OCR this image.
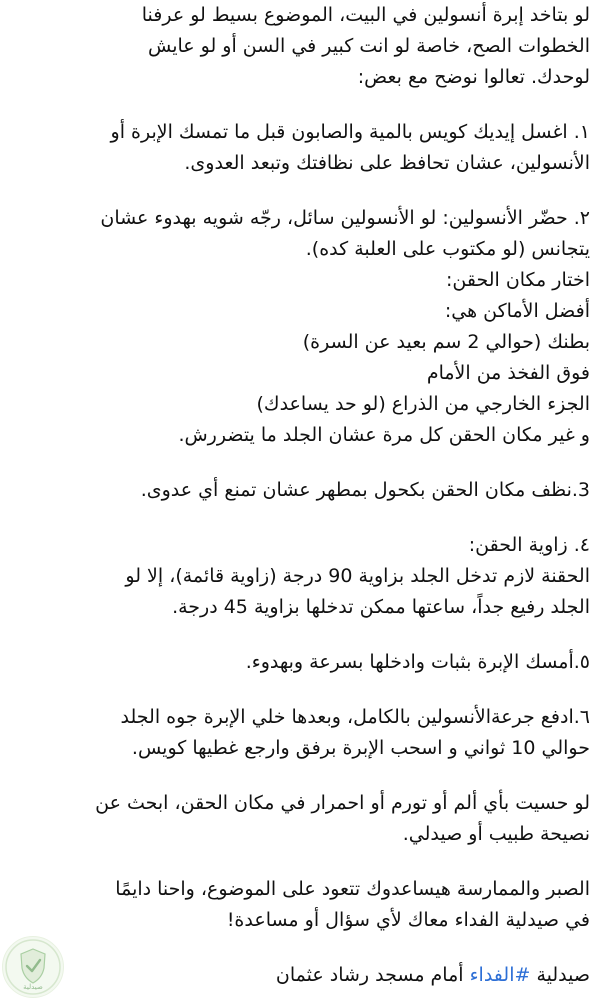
لو بتاخد إبرة أنسولين في البيت، الموضوع بسيط لو عرفنا
الخطوات الصح، خاصة لو انت كبير في السن أو لو عايش
لوحدك. تعالوا نوضح مع بعض:
١. اغسل إيديك كويس بالمية والصابون قبل ما تمسك الإبرة أو
الأنسولين، عشان تحافظ على نظافتك وتبعد العدوى.
٢. حضّر الأنسولين: لو الأنسولين سائل، رجّه شويه بهدوء عشان
يتجانس (لو مكتوب على العلبة كده).
اختار مكان الحقن:
أفضل الأماكن هي:
بطنك (حوالي 2 سم بعيد عن السرة)
فوق الفخذ من الأمام
الجزء الخارجي من الذراع (لو حد يساعدك)
و غير مكان الحقن كل مرة عشان الجلد ما يتضررش.
3.نظف مكان الحقن بكحول بمطهر عشان تمنع أي عدوى.
٤. زاوية الحقن:
الحقنة لازم تدخل الجلد بزاوية 90 درجة (زاوية قائمة)، إلا لو
الجلد رفيع جداً، ساعتها ممكن تدخلها بزاوية 45 درجة.
٥.أمسك الإبرة بثبات وادخلها بسرعة وبهدوء.
٦.ادفع جرعةالأنسولين بالكامل، وبعدها خلي الإبرة جوه الجلد
حوالي 10 ثواني و اسحب الإبرة برفق وارجع غطيها كويس.
لو حسيت بأي ألم أو تورم أو احمرار في مكان الحقن، ابحث عن
نصيحة طبيب أو صيدلي.
الصبر والممارسة هيساعدوك تتعود على الموضوع، واحنا دايمًا
في صيدلية الفداء معاك لأي سؤال أو مساعدة!
صيدلية #الفداء أمام مسجد رشاد عثمان
صيدلية
